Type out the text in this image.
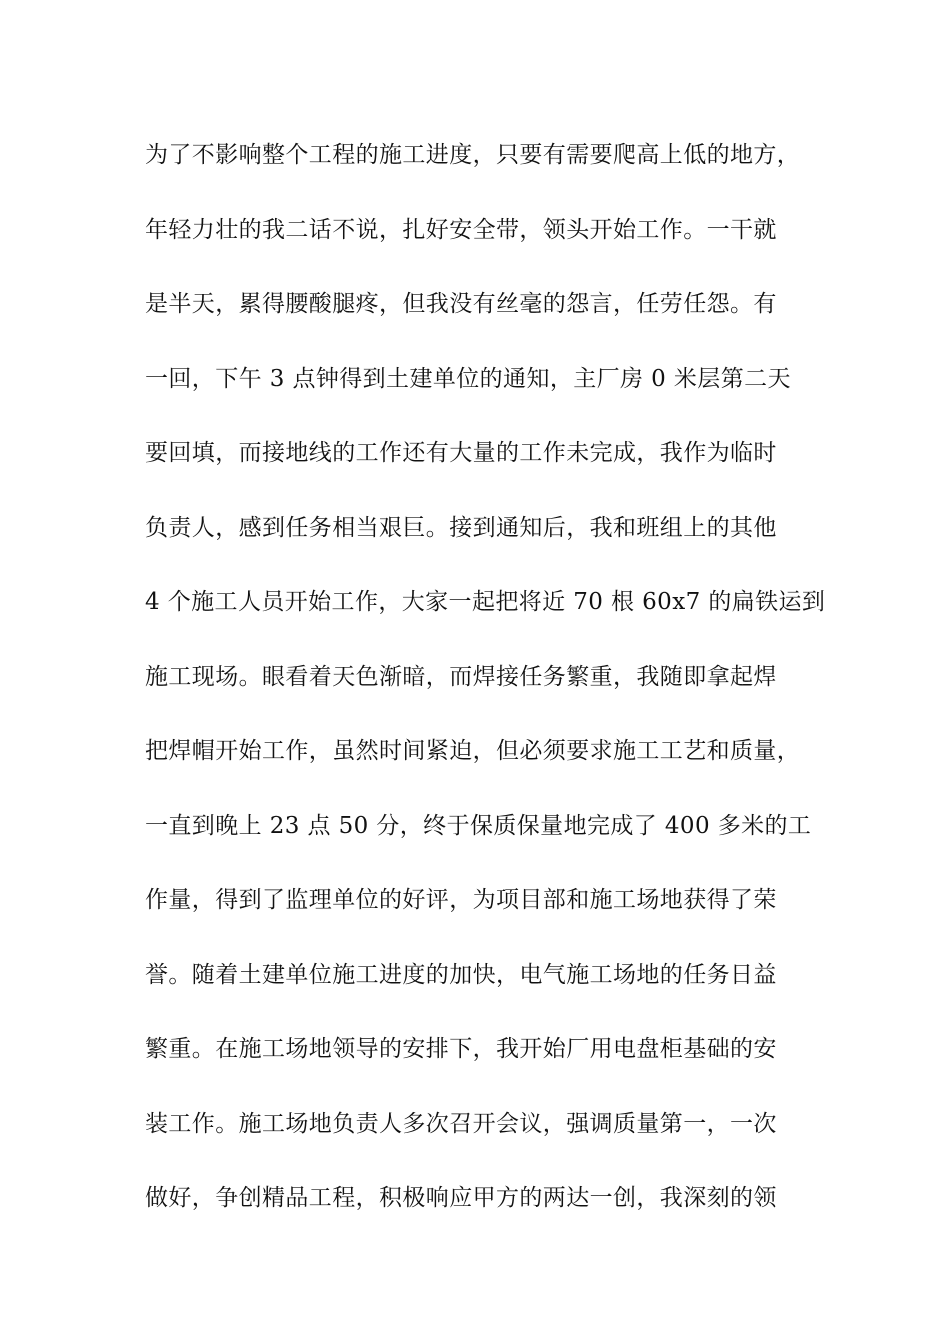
为了不影响整个工程的施工进度，只要有需要爬高上低的地方，
年轻力壮的我二话不说，扎好安全带，领头开始工作。一干就
是半天，累得腰酸腿疼，但我没有丝毫的怨言，任劳任怨。有
一回，下午 3 点钟得到土建单位的通知，主厂房 0 米层第二天
要回填，而接地线的工作还有大量的工作未完成，我作为临时
负责人，感到任务相当艰巨。接到通知后，我和班组上的其他
4 个施工人员开始工作，大家一起把将近 70 根 60x7 的扁铁运到
施工现场。眼看着天色渐暗，而焊接任务繁重，我随即拿起焊
把焊帽开始工作，虽然时间紧迫，但必须要求施工工艺和质量，
一直到晚上 23 点 50 分，终于保质保量地完成了 400 多米的工
作量，得到了监理单位的好评，为项目部和施工场地获得了荣
誉。随着土建单位施工进度的加快，电气施工场地的任务日益
繁重。在施工场地领导的安排下，我开始厂用电盘柜基础的安
装工作。施工场地负责人多次召开会议，强调质量第一，一次
做好，争创精品工程，积极响应甲方的两达一创，我深刻的领
